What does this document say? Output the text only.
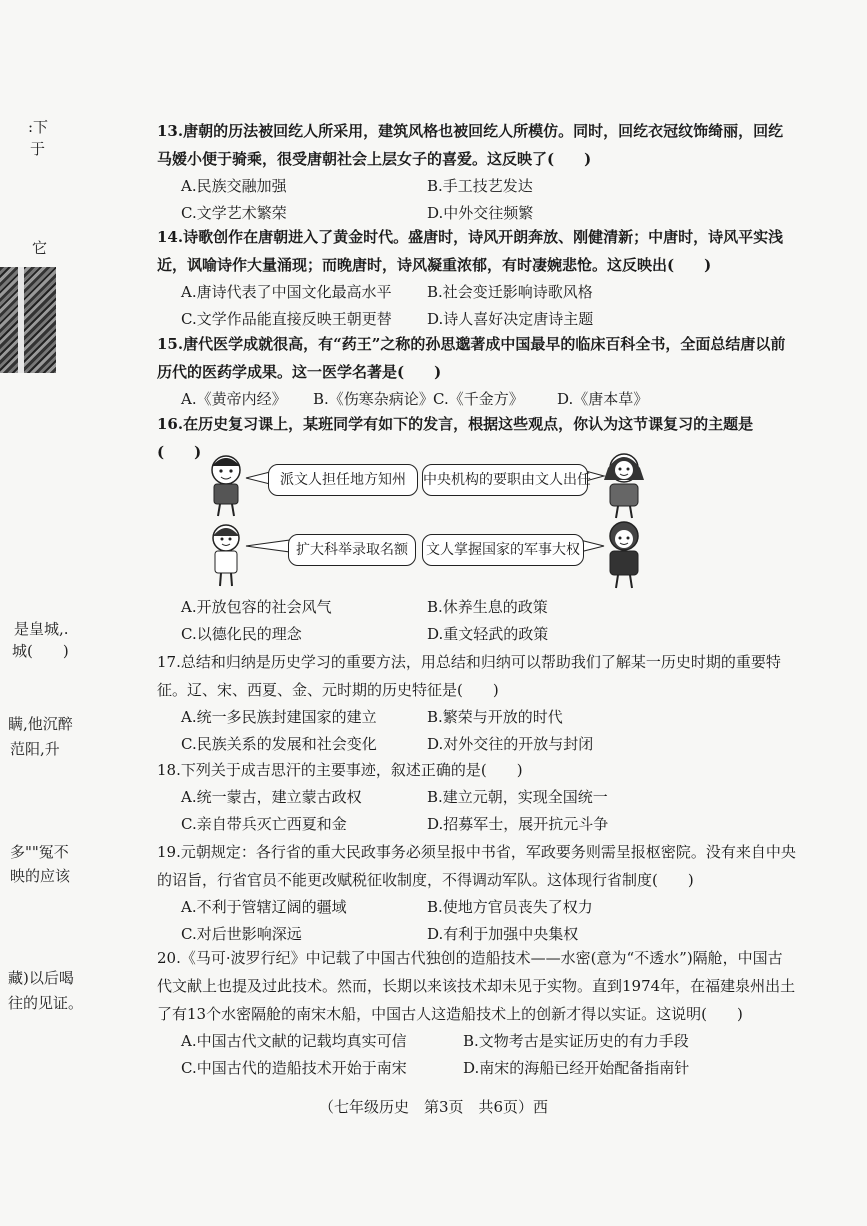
:下
于
它
是皇城,.
城(　　)
瞒,他沉醉
范阳,升
多""冤不
映的应该
藏)以后喝
往的见证。

13.唐朝的历法被回纥人所采用，建筑风格也被回纥人所模仿。同时，回纥衣冠纹饰绮丽，回纥马嫒小便于骑乘，很受唐朝社会上层女子的喜爱。这反映了(　　)

A.民族交融加强	B.手工技艺发达
C.文学艺术繁荣	D.中外交往频繁

14.诗歌创作在唐朝进入了黄金时代。盛唐时，诗风开朗奔放、刚健清新；中唐时，诗风平实浅近，讽喻诗作大量涌现；而晚唐时，诗风凝重浓郁，有时凄婉悲怆。这反映出(　　)

A.唐诗代表了中国文化最高水平	B.社会变迁影响诗歌风格
C.文学作品能直接反映王朝更替	D.诗人喜好决定唐诗主题

15.唐代医学成就很高，有“药王”之称的孙思邈著成中国最早的临床百科全书，全面总结唐以前历代的医药学成果。这一医学名著是(　　)

A.《黄帝内经》	B.《伤寒杂病论》 C.《千金方》	D.《唐本草》

16.在历史复习课上，某班同学有如下的发言，根据这些观点，你认为这节课复习的主题是(　　)

派文人担任地方知州	中央机构的要职由文人出任
扩大科举录取名额	文人掌握国家的军事大权
A.开放包容的社会风气	B.休养生息的政策
C.以德化民的理念	D.重文轻武的政策

17.总结和归纳是历史学习的重要方法，用总结和归纳可以帮助我们了解某一历史时期的重要特征。辽、宋、西夏、金、元时期的历史特征是(　　)

A.统一多民族封建国家的建立	B.繁荣与开放的时代
C.民族关系的发展和社会变化	D.对外交往的开放与封闭

18.下列关于成吉思汗的主要事迹，叙述正确的是(　　)

A.统一蒙古，建立蒙古政权	B.建立元朝，实现全国统一
C.亲自带兵灭亡西夏和金	D.招募军士，展开抗元斗争

19.元朝规定：各行省的重大民政事务必须呈报中书省，军政要务则需呈报枢密院。没有来自中央的诏旨，行省官员不能更改赋税征收制度，不得调动军队。这体现行省制度(　　)

A.不利于管辖辽阔的疆域	B.使地方官员丧失了权力
C.对后世影响深远	D.有利于加强中央集权

20.《马可·波罗行纪》中记载了中国古代独创的造船技术——水密(意为“不透水”)隔舱，中国古代文献上也提及过此技术。然而，长期以来该技术却未见于实物。直到1974年，在福建泉州出土了有13个水密隔舱的南宋木船，中国古人这造船技术上的创新才得以实证。这说明(　　)

A.中国古代文献的记载均真实可信	B.文物考古是实证历史的有力手段
C.中国古代的造船技术开始于南宋	D.南宋的海船已经开始配备指南针
（七年级历史　第3页　共6页）西
